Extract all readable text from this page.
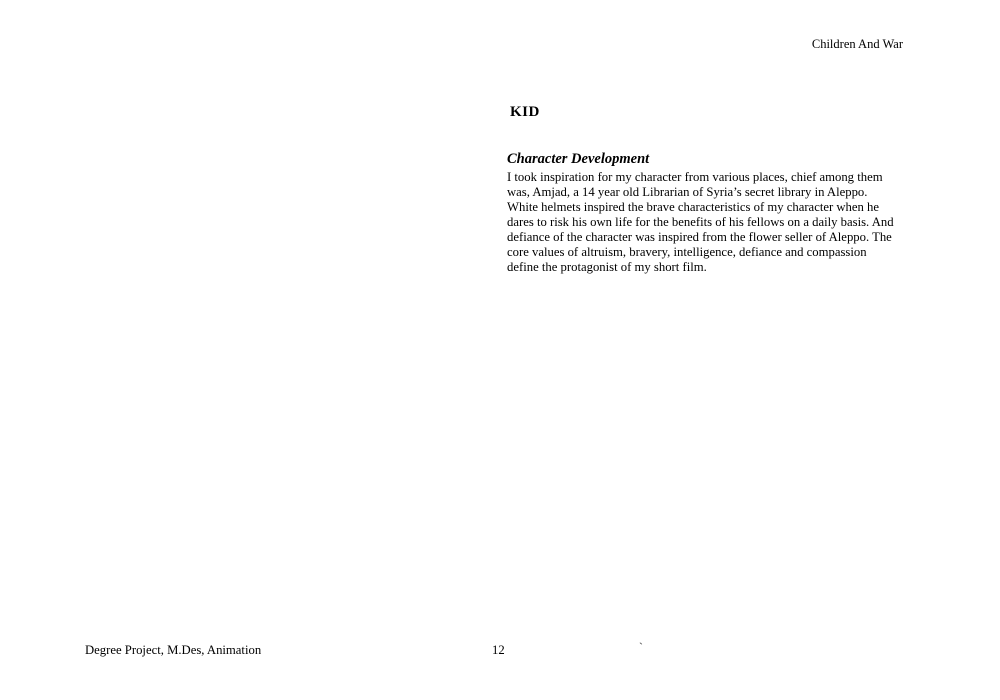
Children And War
KID
Character Development
I took inspiration for my character from various places, chief among them
was, Amjad, a 14 year old Librarian of Syria’s secret library in Aleppo.
White helmets inspired the brave characteristics of my character when he
dares to risk his own life for the benefits of his fellows on a daily basis. And
defiance of the character was inspired from the flower seller of Aleppo. The
core values of altruism, bravery, intelligence, defiance and compassion
define the protagonist of my short film.
Degree Project, M.Des, Animation	12	`
